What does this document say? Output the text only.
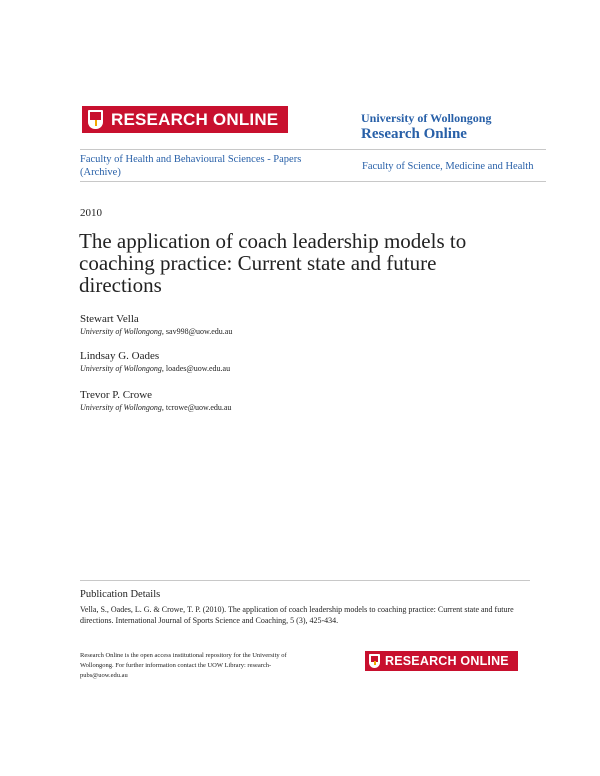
RESEARCH ONLINE	University of Wollongong
Research Online
Faculty of Health and Behavioural Sciences - Papers (Archive)
Faculty of Science, Medicine and Health
2010
The application of coach leadership models to coaching practice: Current state and future directions
Stewart Vella
University of Wollongong, sav998@uow.edu.au
Lindsay G. Oades
University of Wollongong, loades@uow.edu.au
Trevor P. Crowe
University of Wollongong, tcrowe@uow.edu.au
Publication Details
Vella, S., Oades, L. G. & Crowe, T. P. (2010). The application of coach leadership models to coaching practice: Current state and future directions. International Journal of Sports Science and Coaching, 5 (3), 425-434.
Research Online is the open access institutional repository for the University of Wollongong. For further information contact the UOW Library: research-pubs@uow.edu.au
RESEARCH ONLINE
